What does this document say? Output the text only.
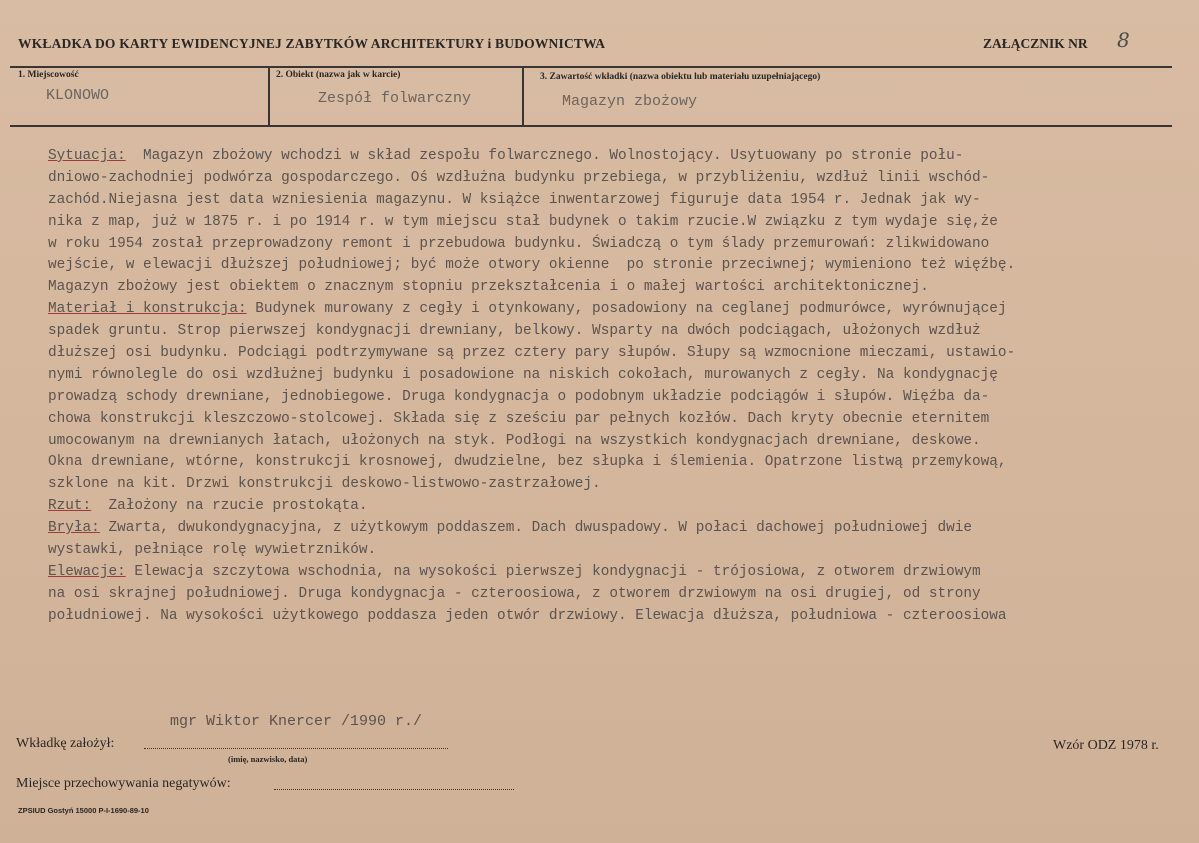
WKŁADKA DO KARTY EWIDENCYJNEJ ZABYTKÓW ARCHITEKTURY i BUDOWNICTWA	ZAŁĄCZNIK NR 8
1. Miejscowość
KLONOWO
2. Obiekt (nazwa jak w karcie)
Zespół folwarczny
3. Zawartość wkładki (nazwa obiektu lub materiału uzupełniającego)
Magazyn zbożowy
Sytuacja:  Magazyn zbożowy wchodzi w skład zespołu folwarcznego. Wolnostojący. Usytuowany po stronie połu-
dniowo-zachodniej podwórza gospodarczego. Oś wzdłużna budynku przebiega, w przybliżeniu, wzdłuż linii wschód-
zachód.Niejasna jest data wzniesienia magazynu. W książce inwentarzowej figuruje data 1954 r. Jednak jak wy-
nika z map, już w 1875 r. i po 1914 r. w tym miejscu stał budynek o takim rzucie.W związku z tym wydaje się,że
w roku 1954 został przeprowadzony remont i przebudowa budynku. Świadczą o tym ślady przemurowań: zlikwidowano
wejście, w elewacji dłuższej południowej; być może otwory okienne  po stronie przeciwnej; wymieniono też więźbę.
Magazyn zbożowy jest obiektem o znacznym stopniu przekształcenia i o małej wartości architektonicznej.
Materiał i konstrukcja: Budynek murowany z cegły i otynkowany, posadowiony na ceglanej podmurówce, wyrównującej
spadek gruntu. Strop pierwszej kondygnacji drewniany, belkowy. Wsparty na dwóch podciągach, ułożonych wzdłuż
dłuższej osi budynku. Podciągi podtrzymywane są przez cztery pary słupów. Słupy są wzmocnione mieczami, ustawio-
nymi równolegle do osi wzdłużnej budynku i posadowione na niskich cokołach, murowanych z cegły. Na kondygnację
prowadzą schody drewniane, jednobiegowe. Druga kondygnacja o podobnym układzie podciągów i słupów. Więźba da-
chowa konstrukcji kleszczowo-stolcowej. Składa się z sześciu par pełnych kozłów. Dach kryty obecnie eternitem
umocowanym na drewnianych łatach, ułożonych na styk. Podłogi na wszystkich kondygnacjach drewniane, deskowe.
Okna drewniane, wtórne, konstrukcji krosnowej, dwudzielne, bez słupka i ślemienia. Opatrzone listwą przemykową,
szklone na kit. Drzwi konstrukcji deskowo-listwowo-zastrzałowej.
Rzut:  Założony na rzucie prostokąta.
Bryła: Zwarta, dwukondygnacyjna, z użytkowym poddaszem. Dach dwuspadowy. W połaci dachowej południowej dwie
wystawki, pełniące rolę wywietrzników.
Elewacje: Elewacja szczytowa wschodnia, na wysokości pierwszej kondygnacji - trójosiowa, z otworem drzwiowym
na osi skrajnej południowej. Druga kondygnacja - czteroosiowa, z otworem drzwiowym na osi drugiej, od strony
południowej. Na wysokości użytkowego poddasza jeden otwór drzwiowy. Elewacja dłuższa, południowa - czteroosiowa
mgr Wiktor Knercer /1990 r./
Wkładkę założył:
(imię, nazwisko, data)
Wzór ODZ 1978 r.
Miejsce przechowywania negatywów:
ZPSIUD Gostyń 15000 P-I-1690-89-10
